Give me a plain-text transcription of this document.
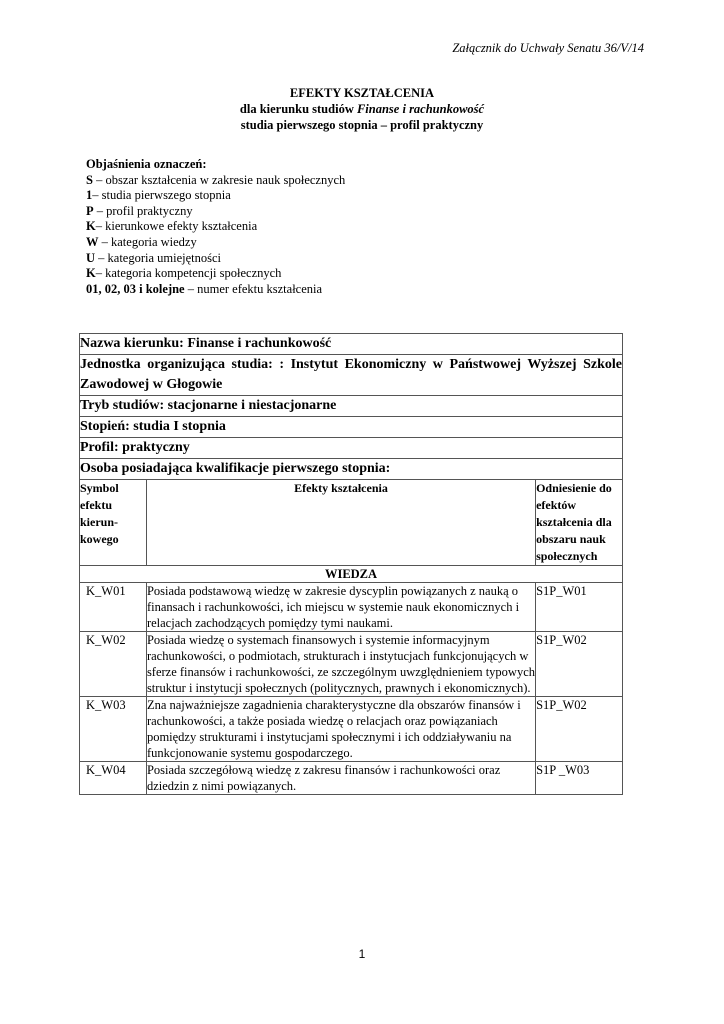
Załącznik do Uchwały Senatu 36/V/14
EFEKTY KSZTAŁCENIA
dla kierunku studiów Finanse i rachunkowość
studia pierwszego stopnia – profil praktyczny
Objaśnienia oznaczeń:
S – obszar kształcenia w zakresie nauk społecznych
1– studia pierwszego stopnia
P – profil praktyczny
K– kierunkowe efekty kształcenia
W – kategoria wiedzy
U – kategoria umiejętności
K– kategoria kompetencji społecznych
01, 02, 03 i kolejne – numer efektu kształcenia
Nazwa kierunku: Finanse i rachunkowość		
Jednostka organizująca studia: : Instytut Ekonomiczny w Państwowej Wyższej Szkole Zawodowej w Głogowie		
Tryb studiów: stacjonarne i niestacjonarne		
Stopień: studia I stopnia		
Profil: praktyczny		
Osoba posiadająca kwalifikacje pierwszego stopnia:		
Symbol efektu kierun-kowego	Efekty kształcenia	Odniesienie do efektów kształcenia dla obszaru nauk społecznych
WIEDZA		
K_W01	Posiada podstawową wiedzę w zakresie dyscyplin powiązanych z nauką o finansach i rachunkowości, ich miejscu w systemie nauk ekonomicznych i relacjach zachodzących pomiędzy tymi naukami.	S1P_W01
K_W02	Posiada wiedzę o systemach finansowych i systemie informacyjnym rachunkowości, o podmiotach, strukturach i instytucjach funkcjonujących w sferze finansów i rachunkowości, ze szczególnym uwzględnieniem typowych struktur i instytucji społecznych (politycznych, prawnych i ekonomicznych).	S1P_W02
K_W03	Zna najważniejsze zagadnienia charakterystyczne dla obszarów finansów i rachunkowości, a także posiada wiedzę o relacjach oraz powiązaniach pomiędzy strukturami i instytucjami społecznymi i ich oddziaływaniu na funkcjonowanie systemu gospodarczego.	S1P_W02
K_W04	Posiada szczegółową wiedzę z zakresu finansów i rachunkowości oraz dziedzin z nimi powiązanych.	S1P _W03
1
